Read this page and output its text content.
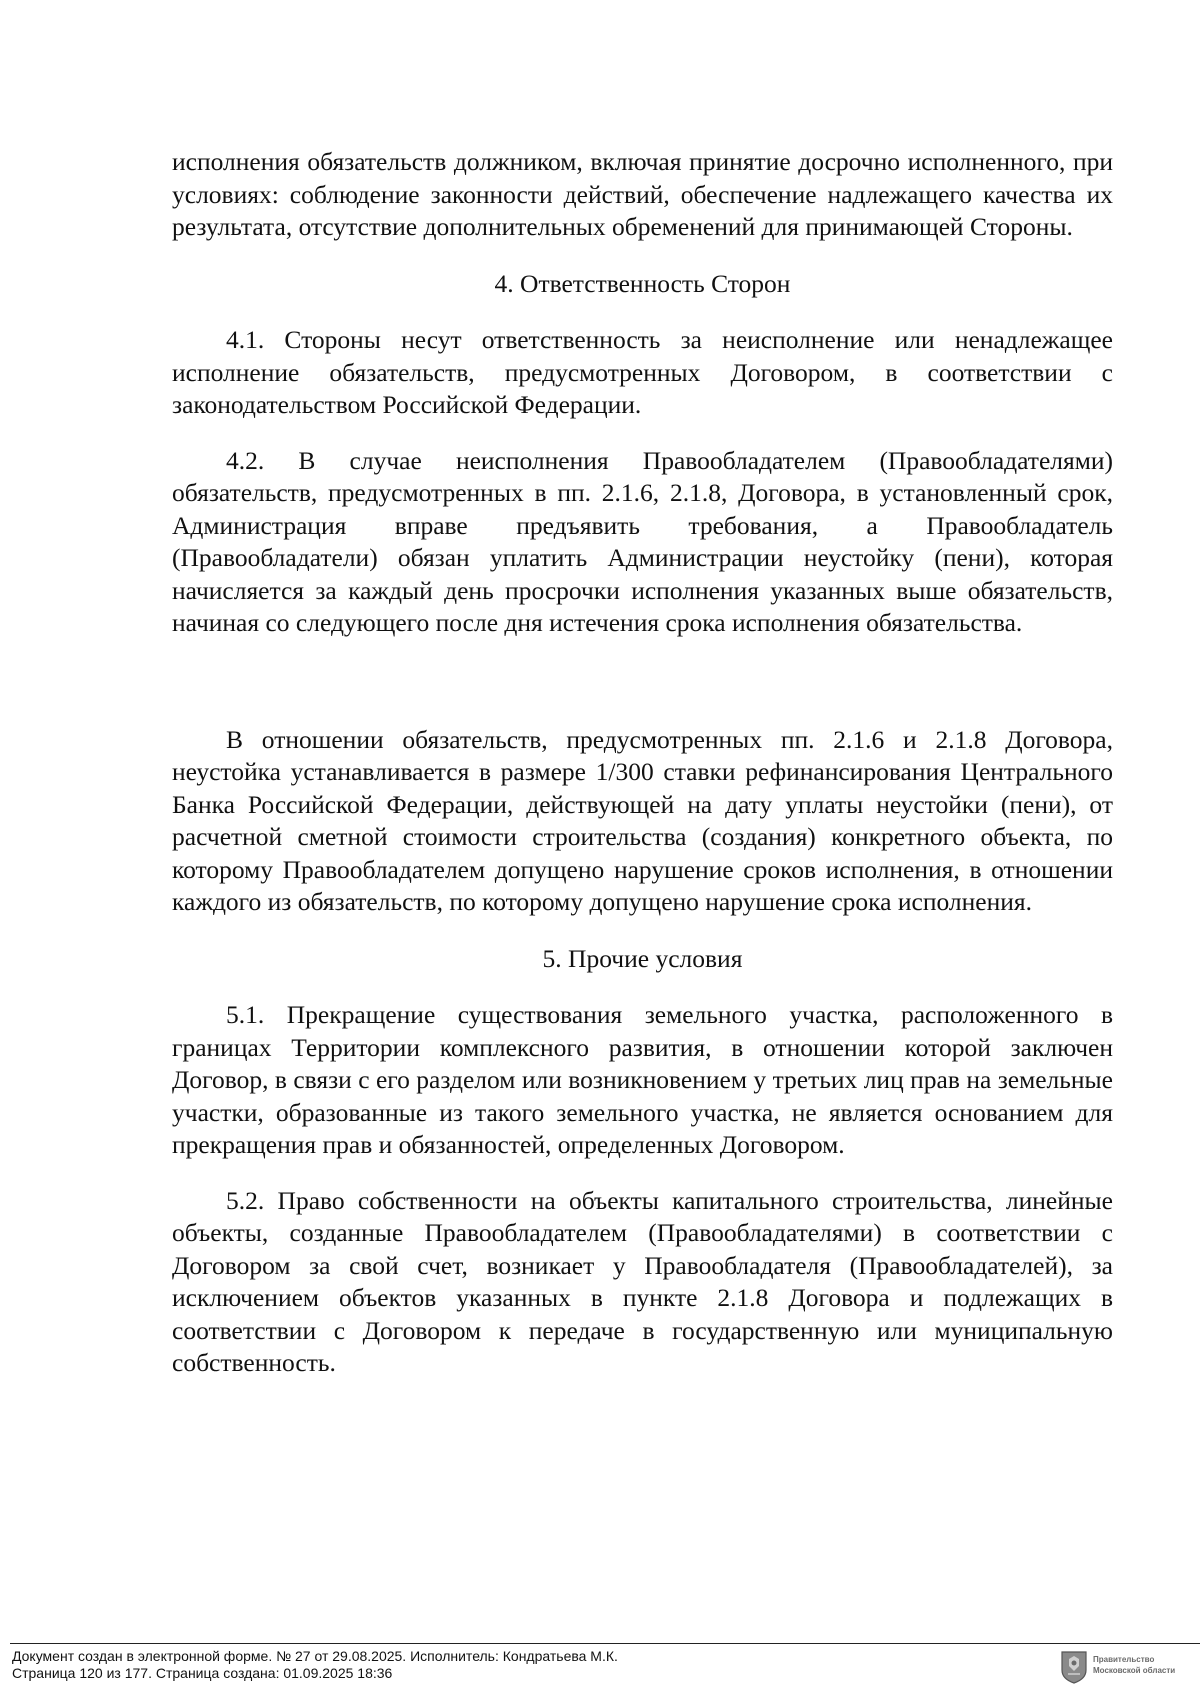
исполнения обязательств должником, включая принятие досрочно исполненного, при условиях: соблюдение законности действий, обеспечение надлежащего качества их результата, отсутствие дополнительных обременений для принимающей Стороны.

4. Ответственность Сторон

4.1. Стороны несут ответственность за неисполнение или ненадлежащее исполнение обязательств, предусмотренных Договором, в соответствии с законодательством Российской Федерации.

4.2. В случае неисполнения Правообладателем (Правообладателями) обязательств, предусмотренных в пп. 2.1.6, 2.1.8, Договора, в установленный срок, Администрация вправе предъявить требования, а Правообладатель (Правообладатели) обязан уплатить Администрации неустойку (пени), которая начисляется за каждый день просрочки исполнения указанных выше обязательств, начиная со следующего после дня истечения срока исполнения обязательства.

В отношении обязательств, предусмотренных пп. 2.1.6 и 2.1.8 Договора, неустойка устанавливается в размере 1/300 ставки рефинансирования Центрального Банка Российской Федерации, действующей на дату уплаты неустойки (пени), от расчетной сметной стоимости строительства (создания) конкретного объекта, по которому Правообладателем допущено нарушение сроков исполнения, в отношении каждого из обязательств, по которому допущено нарушение срока исполнения.

5. Прочие условия

5.1. Прекращение существования земельного участка, расположенного в границах Территории комплексного развития, в отношении которой заключен Договор, в связи с его разделом или возникновением у третьих лиц прав на земельные участки, образованные из такого земельного участка, не является основанием для прекращения прав и обязанностей, определенных Договором.

5.2. Право собственности на объекты капитального строительства, линейные объекты, созданные Правообладателем (Правообладателями) в соответствии с Договором за свой счет, возникает у Правообладателя (Правообладателей), за исключением объектов указанных в пункте 2.1.8 Договора и подлежащих в соответствии с Договором к передаче в государственную или муниципальную собственность.

Документ создан в электронной форме. № 27 от 29.08.2025. Исполнитель: Кондратьева М.К.
Страница 120 из 177. Страница создана: 01.09.2025 18:36
Правительство
Московской области
